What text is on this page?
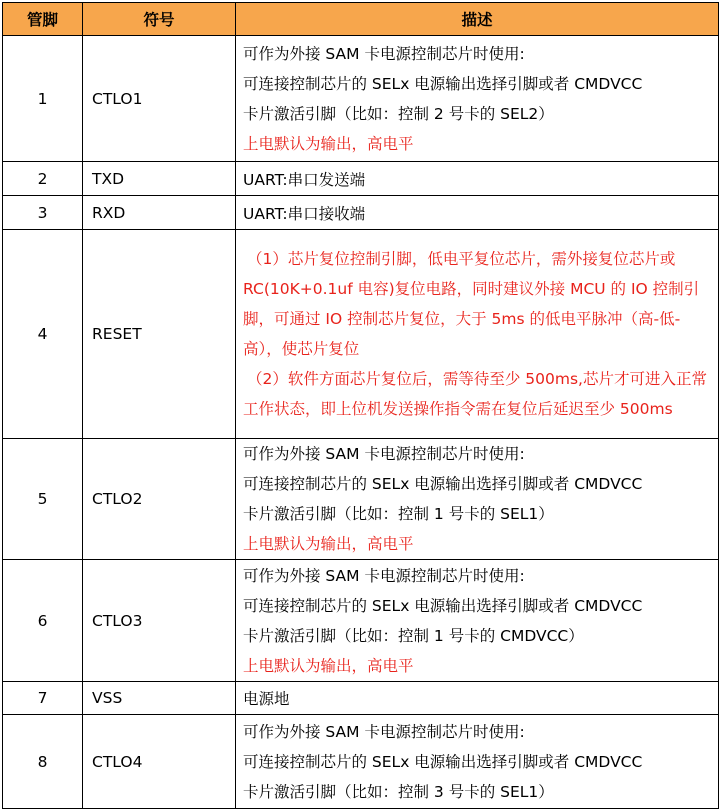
管脚	符号	描述
1	CTLO1	可作为外接 SAM 卡电源控制芯片时使用:
可连接控制芯片的 SELx 电源输出选择引脚或者 CMDVCC
卡片激活引脚（比如：控制 2 号卡的 SEL2）
上电默认为输出，高电平

2	TXD	UART:串口发送端
3	RXD	UART:串口接收端
4	RESET	（1）芯片复位控制引脚，低电平复位芯片，需外接复位芯片或 RC(10K+0.1uf 电容)复位电路，同时建议外接 MCU 的 IO 控制引脚，可通过 IO 控制芯片复位，大于 5ms 的低电平脉冲（高-低-高），使芯片复位
（2）软件方面芯片复位后，需等待至少 500ms,芯片才可进入正常工作状态，即上位机发送操作指令需在复位后延迟至少 500ms

5	CTLO2	可作为外接 SAM 卡电源控制芯片时使用:
可连接控制芯片的 SELx 电源输出选择引脚或者 CMDVCC
卡片激活引脚（比如：控制 1 号卡的 SEL1）
上电默认为输出，高电平

6	CTLO3	可作为外接 SAM 卡电源控制芯片时使用:
可连接控制芯片的 SELx 电源输出选择引脚或者 CMDVCC
卡片激活引脚（比如：控制 1 号卡的 CMDVCC）
上电默认为输出，高电平

7	VSS	电源地
8	CTLO4	可作为外接 SAM 卡电源控制芯片时使用:
可连接控制芯片的 SELx 电源输出选择引脚或者 CMDVCC
卡片激活引脚（比如：控制 3 号卡的 SEL1）
